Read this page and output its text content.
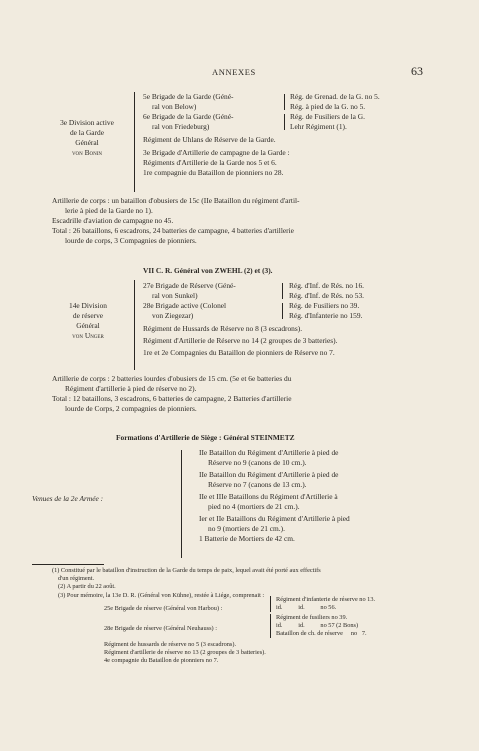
ANNEXES	63
3e Division active
de la Garde
Général
von Bonin
5e Brigade de la Garde (Géné-
ral von Below)
6e Brigade de la Garde (Géné-
ral von Friedeburg)
Régiment de Uhlans de Réserve de la Garde.
3e Brigade d'Artillerie de campagne de la Garde :
Régiments d'Artillerie de la Garde nos 5 et 6.
1re compagnie du Bataillon de pionniers no 28.
Rég. de Grenad. de la G. no 5.
Rég. à pied de la G. no 5.
Rég. de Fusiliers de la G.
Lehr Régiment (1).
Artillerie de corps : un bataillon d'obusiers de 15c (IIe Bataillon du régiment d'artil-
lerie à pied de la Garde no 1).
Escadrille d'aviation de campagne no 45.
Total : 26 bataillons, 6 escadrons, 24 batteries de campagne, 4 batteries d'artillerie
lourde de corps, 3 Compagnies de pionniers.
VII C. R. Général von ZWEHL (2) et (3).
14e Division
de réserve
Général
von Unger
27e Brigade de Réserve (Géné-
ral von Sunkel)
28e Brigade active (Colonel
von Ziegezar)
Régiment de Hussards de Réserve no 8 (3 escadrons).
Régiment d'Artillerie de Réserve no 14 (2 groupes de 3 batteries).
1re et 2e Compagnies du Bataillon de pionniers de Réserve no 7.
Rég. d'Inf. de Rés. no 16.
Rég. d'Inf. de Rés. no 53.
Rég. de Fusiliers no 39.
Rég. d'Infanterie no 159.
Artillerie de corps : 2 batteries lourdes d'obusiers de 15 cm. (5e et 6e batteries du
Régiment d'artillerie à pied de réserve no 2).
Total : 12 bataillons, 3 escadrons, 6 batteries de campagne, 2 Batteries d'artillerie
lourde de Corps, 2 compagnies de pionniers.
Formations d'Artillerie de Siège : Général STEINMETZ
Venues de la 2e Armée :
IIe Bataillon du Régiment d'Artillerie à pied de
Réserve no 9 (canons de 10 cm.).
IIe Bataillon du Régiment d'Artillerie à pied de
Réserve no 7 (canons de 13 cm.).
IIe et IIIe Bataillons du Régiment d'Artillerie à
pied no 4 (mortiers de 21 cm.).
Ier et IIe Bataillons du Régiment d'Artillerie à pied
no 9 (mortiers de 21 cm.).
1 Batterie de Mortiers de 42 cm.
(1) Constitué par le bataillon d'instruction de la Garde du temps de paix, lequel avait été porté aux effectifs
d'un régiment.
(2) A partir du 22 août.
(3) Pour mémoire, la 13e D. R. (Général von Kühne), restée à Liége, comprenait :
25e Brigade de réserve (Général von Harbou) :
Régiment d'infanterie de réserve no 13.
id.          id.          no 56.
28e Brigade de réserve (Général Neuhauss) :
Régiment de fusiliers no 39.
id.          id.          no 57 (2 Bons)
Bataillon de ch. de réserve     no   7.
Régiment de hussards de réserve no 5 (3 escadrons).
Régiment d'artillerie de réserve no 13 (2 groupes de 3 batteries).
4e compagnie du Bataillon de pionniers no 7.
